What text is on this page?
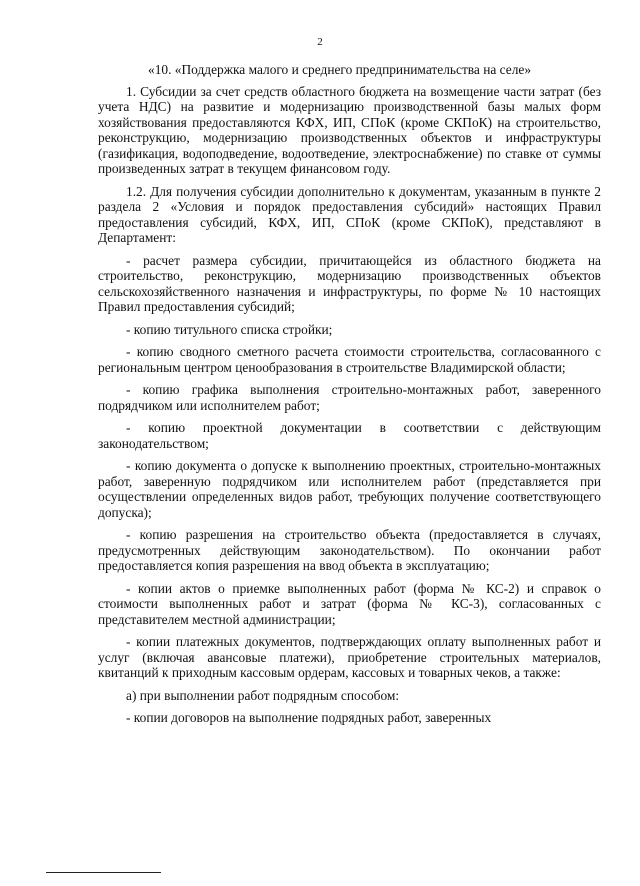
2

«10. «Поддержка малого и среднего предпринимательства на селе»

1. Субсидии за счет средств областного бюджета на возмещение части затрат (без учета НДС) на развитие и модернизацию производственной базы малых форм хозяйствования предоставляются КФХ, ИП, СПоК (кроме СКПоК) на строительство, реконструкцию, модернизацию производственных объектов и инфраструктуры (газификация, водоподведение, водоотведение, электроснабжение) по ставке от суммы произведенных затрат в текущем финансовом году.

1.2. Для получения субсидии дополнительно к документам, указанным в пункте 2 раздела 2 «Условия и порядок предоставления субсидий» настоящих Правил предоставления субсидий, КФХ, ИП, СПоК (кроме СКПоК), представляют в Департамент:

- расчет размера субсидии, причитающейся из областного бюджета на строительство, реконструкцию, модернизацию производственных объектов сельскохозяйственного назначения и инфраструктуры, по форме № 10 настоящих Правил предоставления субсидий;

- копию титульного списка стройки;

- копию сводного сметного расчета стоимости строительства, согласованного с региональным центром ценообразования в строительстве Владимирской области;

- копию графика выполнения строительно-монтажных работ, заверенного подрядчиком или исполнителем работ;

- копию проектной документации в соответствии с действующим законодательством;

- копию документа о допуске к выполнению проектных, строительно-монтажных работ, заверенную подрядчиком или исполнителем работ (представляется при осуществлении определенных видов работ, требующих получение соответствующего допуска);

- копию разрешения на строительство объекта (предоставляется в случаях, предусмотренных действующим законодательством). По окончании работ предоставляется копия разрешения на ввод объекта в эксплуатацию;

- копии актов о приемке выполненных работ (форма № КС-2) и справок о стоимости выполненных работ и затрат (форма № КС-3), согласованных с представителем местной администрации;

- копии платежных документов, подтверждающих оплату выполненных работ и услуг (включая авансовые платежи), приобретение строительных материалов, квитанций к приходным кассовым ордерам, кассовых и товарных чеков, а также:

а) при выполнении работ подрядным способом:

- копии договоров на выполнение подрядных работ, заверенных
